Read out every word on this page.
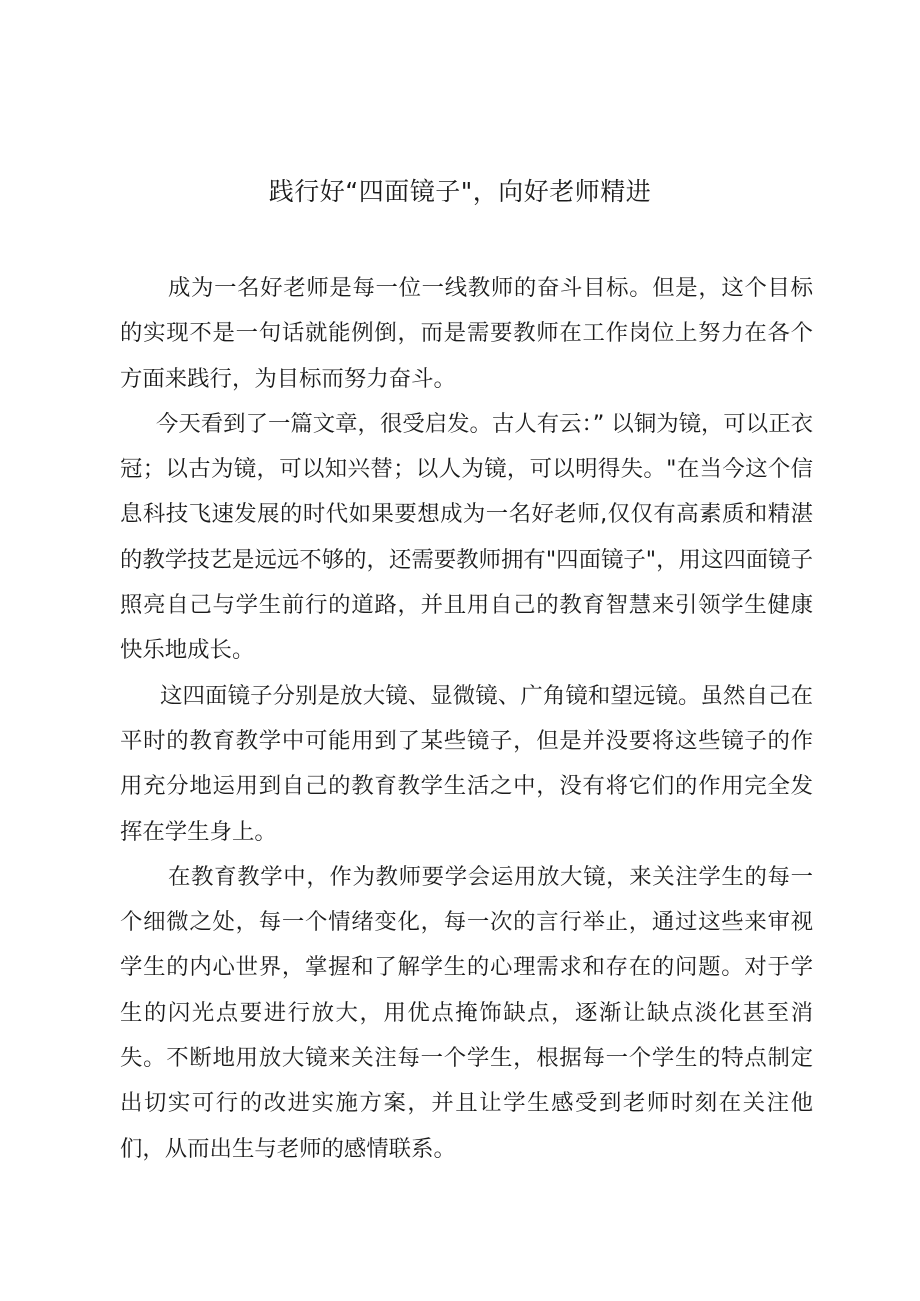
践行好“四面镜子"，向好老师精进

成为一名好老师是每一位一线教师的奋斗目标。但是，这个目标的实现不是一句话就能例倒，而是需要教师在工作岗位上努力在各个方面来践行，为目标而努力奋斗。

今天看到了一篇文章，很受启发。古人有云：” 以铜为镜，可以正衣冠；以古为镜，可以知兴替；以人为镜，可以明得失。"在当今这个信息科技飞速发展的时代如果要想成为一名好老师,仅仅有高素质和精湛的教学技艺是远远不够的，还需要教师拥有"四面镜子"，用这四面镜子照亮自己与学生前行的道路，并且用自己的教育智慧来引领学生健康快乐地成长。

这四面镜子分别是放大镜、显微镜、广角镜和望远镜。虽然自己在平时的教育教学中可能用到了某些镜子，但是并没要将这些镜子的作用充分地运用到自己的教育教学生活之中，没有将它们的作用完全发挥在学生身上。

在教育教学中，作为教师要学会运用放大镜，来关注学生的每一个细微之处，每一个情绪变化，每一次的言行举止，通过这些来审视学生的内心世界，掌握和了解学生的心理需求和存在的问题。对于学生的闪光点要进行放大，用优点掩饰缺点，逐渐让缺点淡化甚至消失。不断地用放大镜来关注每一个学生，根据每一个学生的特点制定出切实可行的改进实施方案，并且让学生感受到老师时刻在关注他们，从而出生与老师的感情联系。
